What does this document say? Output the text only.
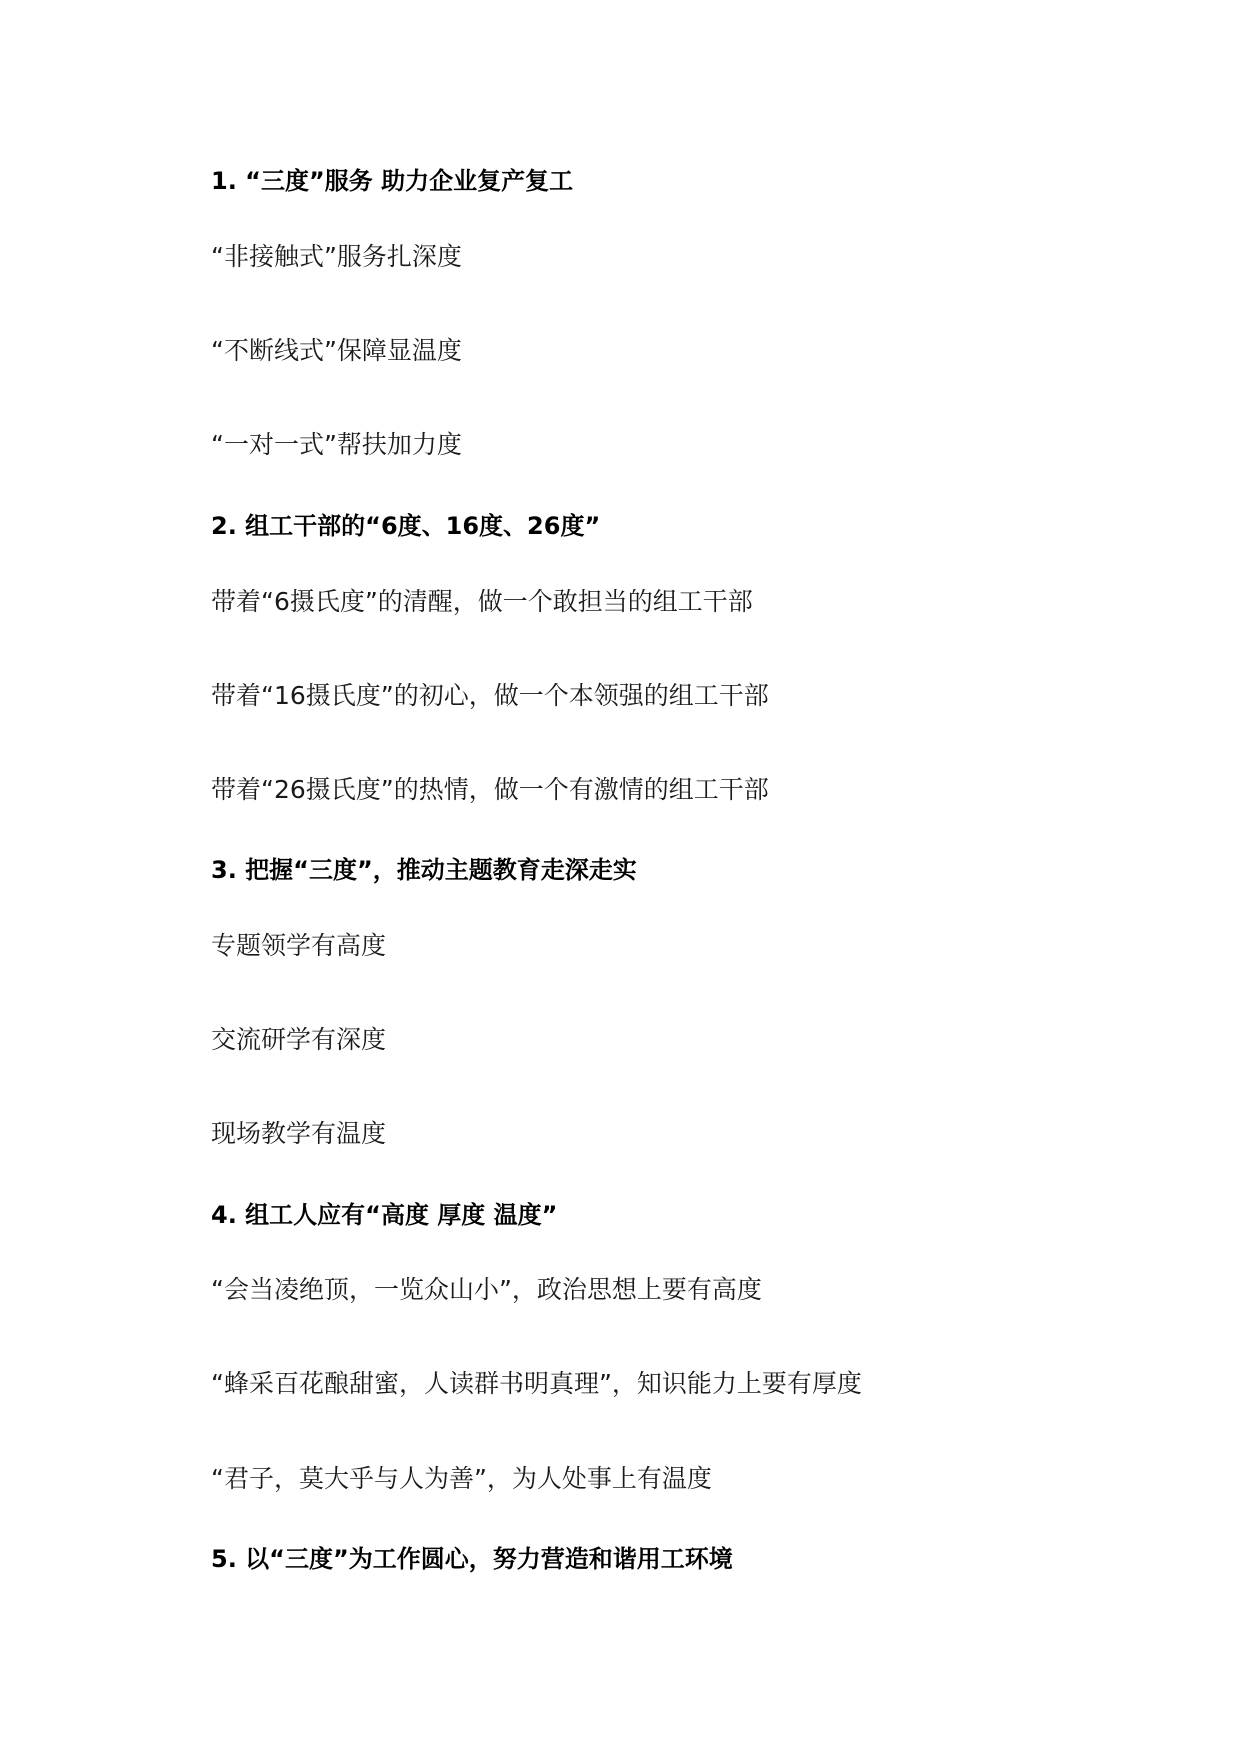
1. “三度”服务 助力企业复产复工
“非接触式”服务扎深度
“不断线式”保障显温度
“一对一式”帮扶加力度
2. 组工干部的“6度、16度、26度”
带着“6摄氏度”的清醒，做一个敢担当的组工干部
带着“16摄氏度”的初心，做一个本领强的组工干部
带着“26摄氏度”的热情，做一个有激情的组工干部
3. 把握“三度”，推动主题教育走深走实
专题领学有高度
交流研学有深度
现场教学有温度
4. 组工人应有“高度 厚度 温度”
“会当凌绝顶，一览众山小”，政治思想上要有高度
“蜂采百花酿甜蜜，人读群书明真理”，知识能力上要有厚度
“君子，莫大乎与人为善”，为人处事上有温度
5. 以“三度”为工作圆心，努力营造和谐用工环境
